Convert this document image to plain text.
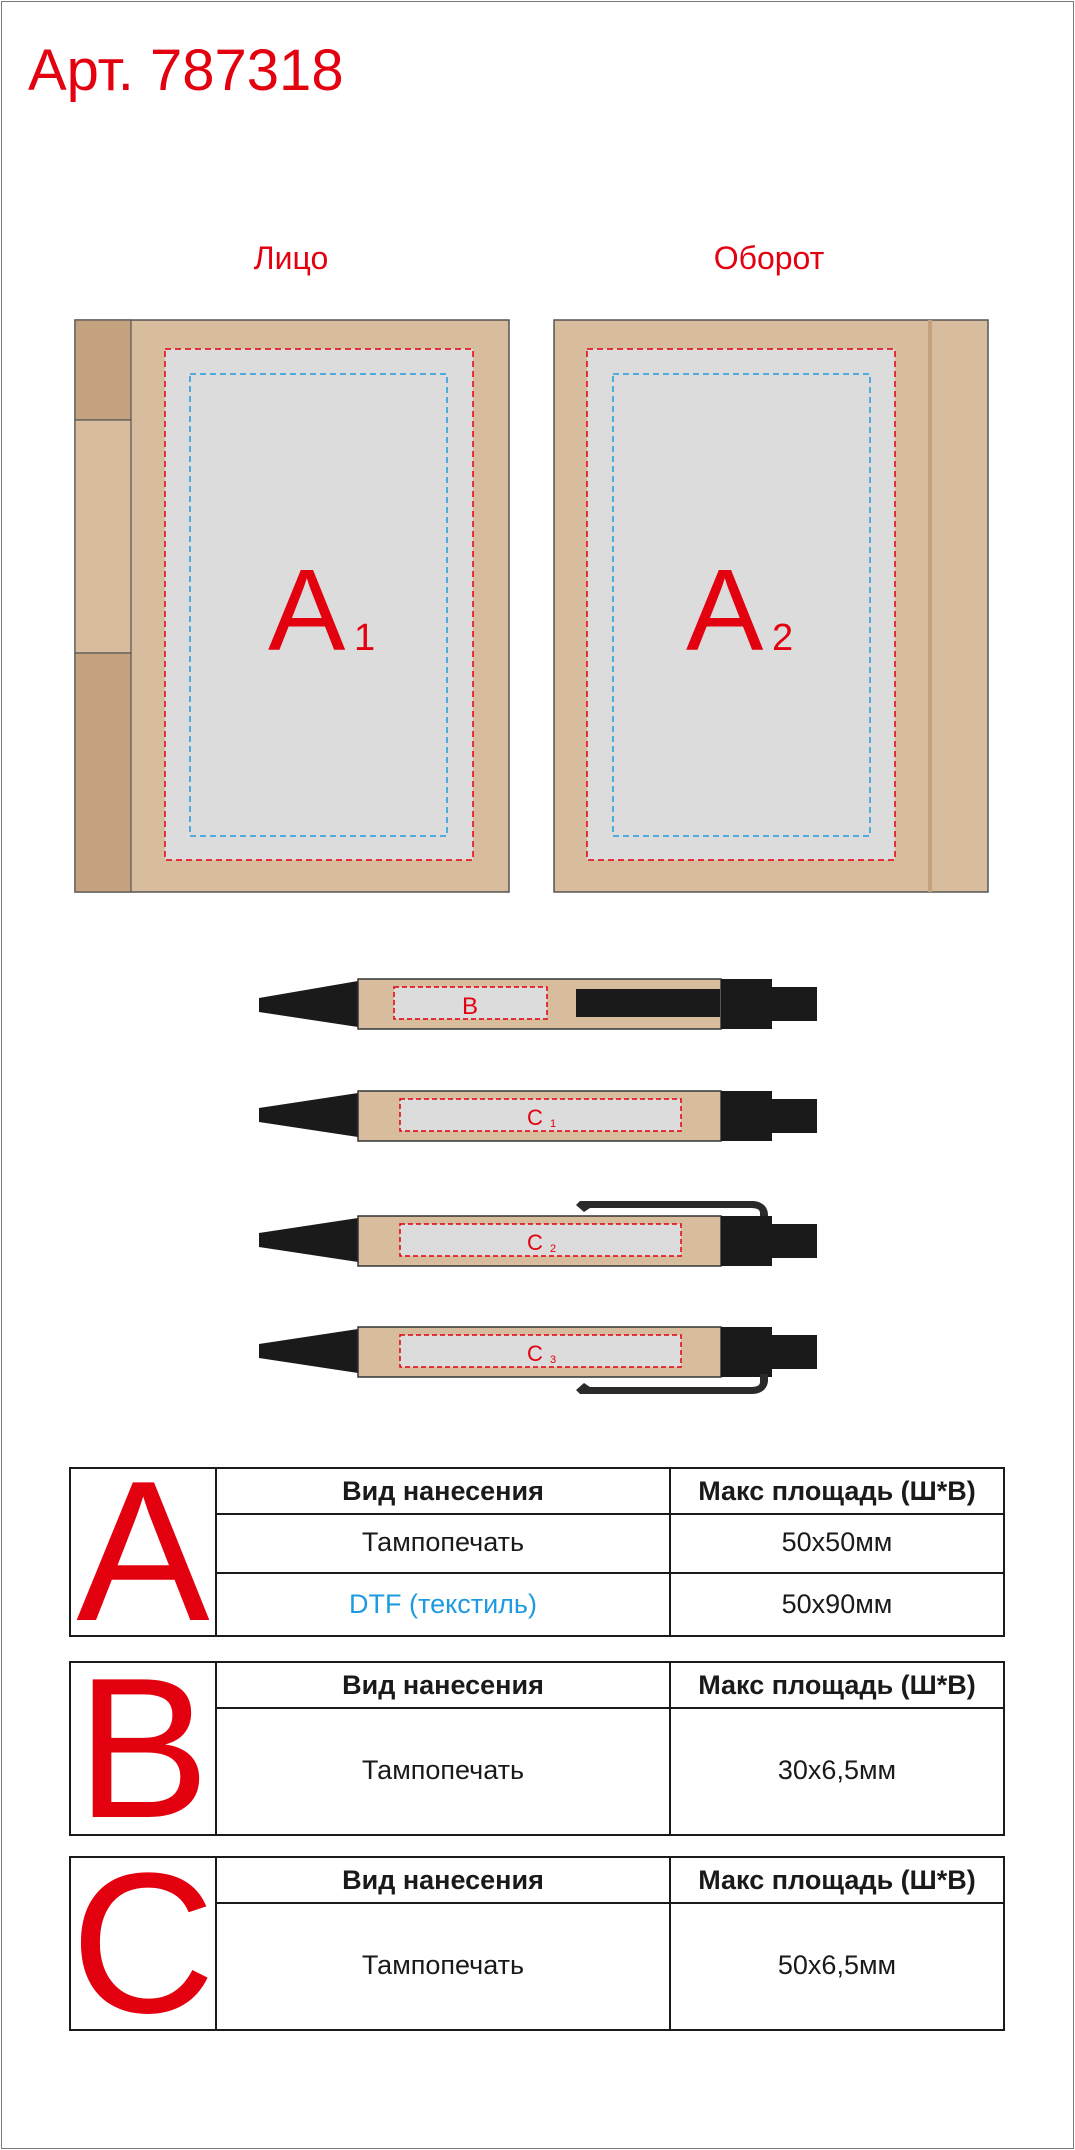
Арт. 787318
Лицо	Оборот
A 1	A 2
B
C 1
C 2
C 3
A	Вид нанесения	Макс площадь (Ш*В)
Тампопечать	50x50мм
DTF (текстиль)	50x90мм
B	Вид нанесения	Макс площадь (Ш*В)
Тампопечать	30x6,5мм
C	Вид нанесения	Макс площадь (Ш*В)
Тампопечать	50x6,5мм
